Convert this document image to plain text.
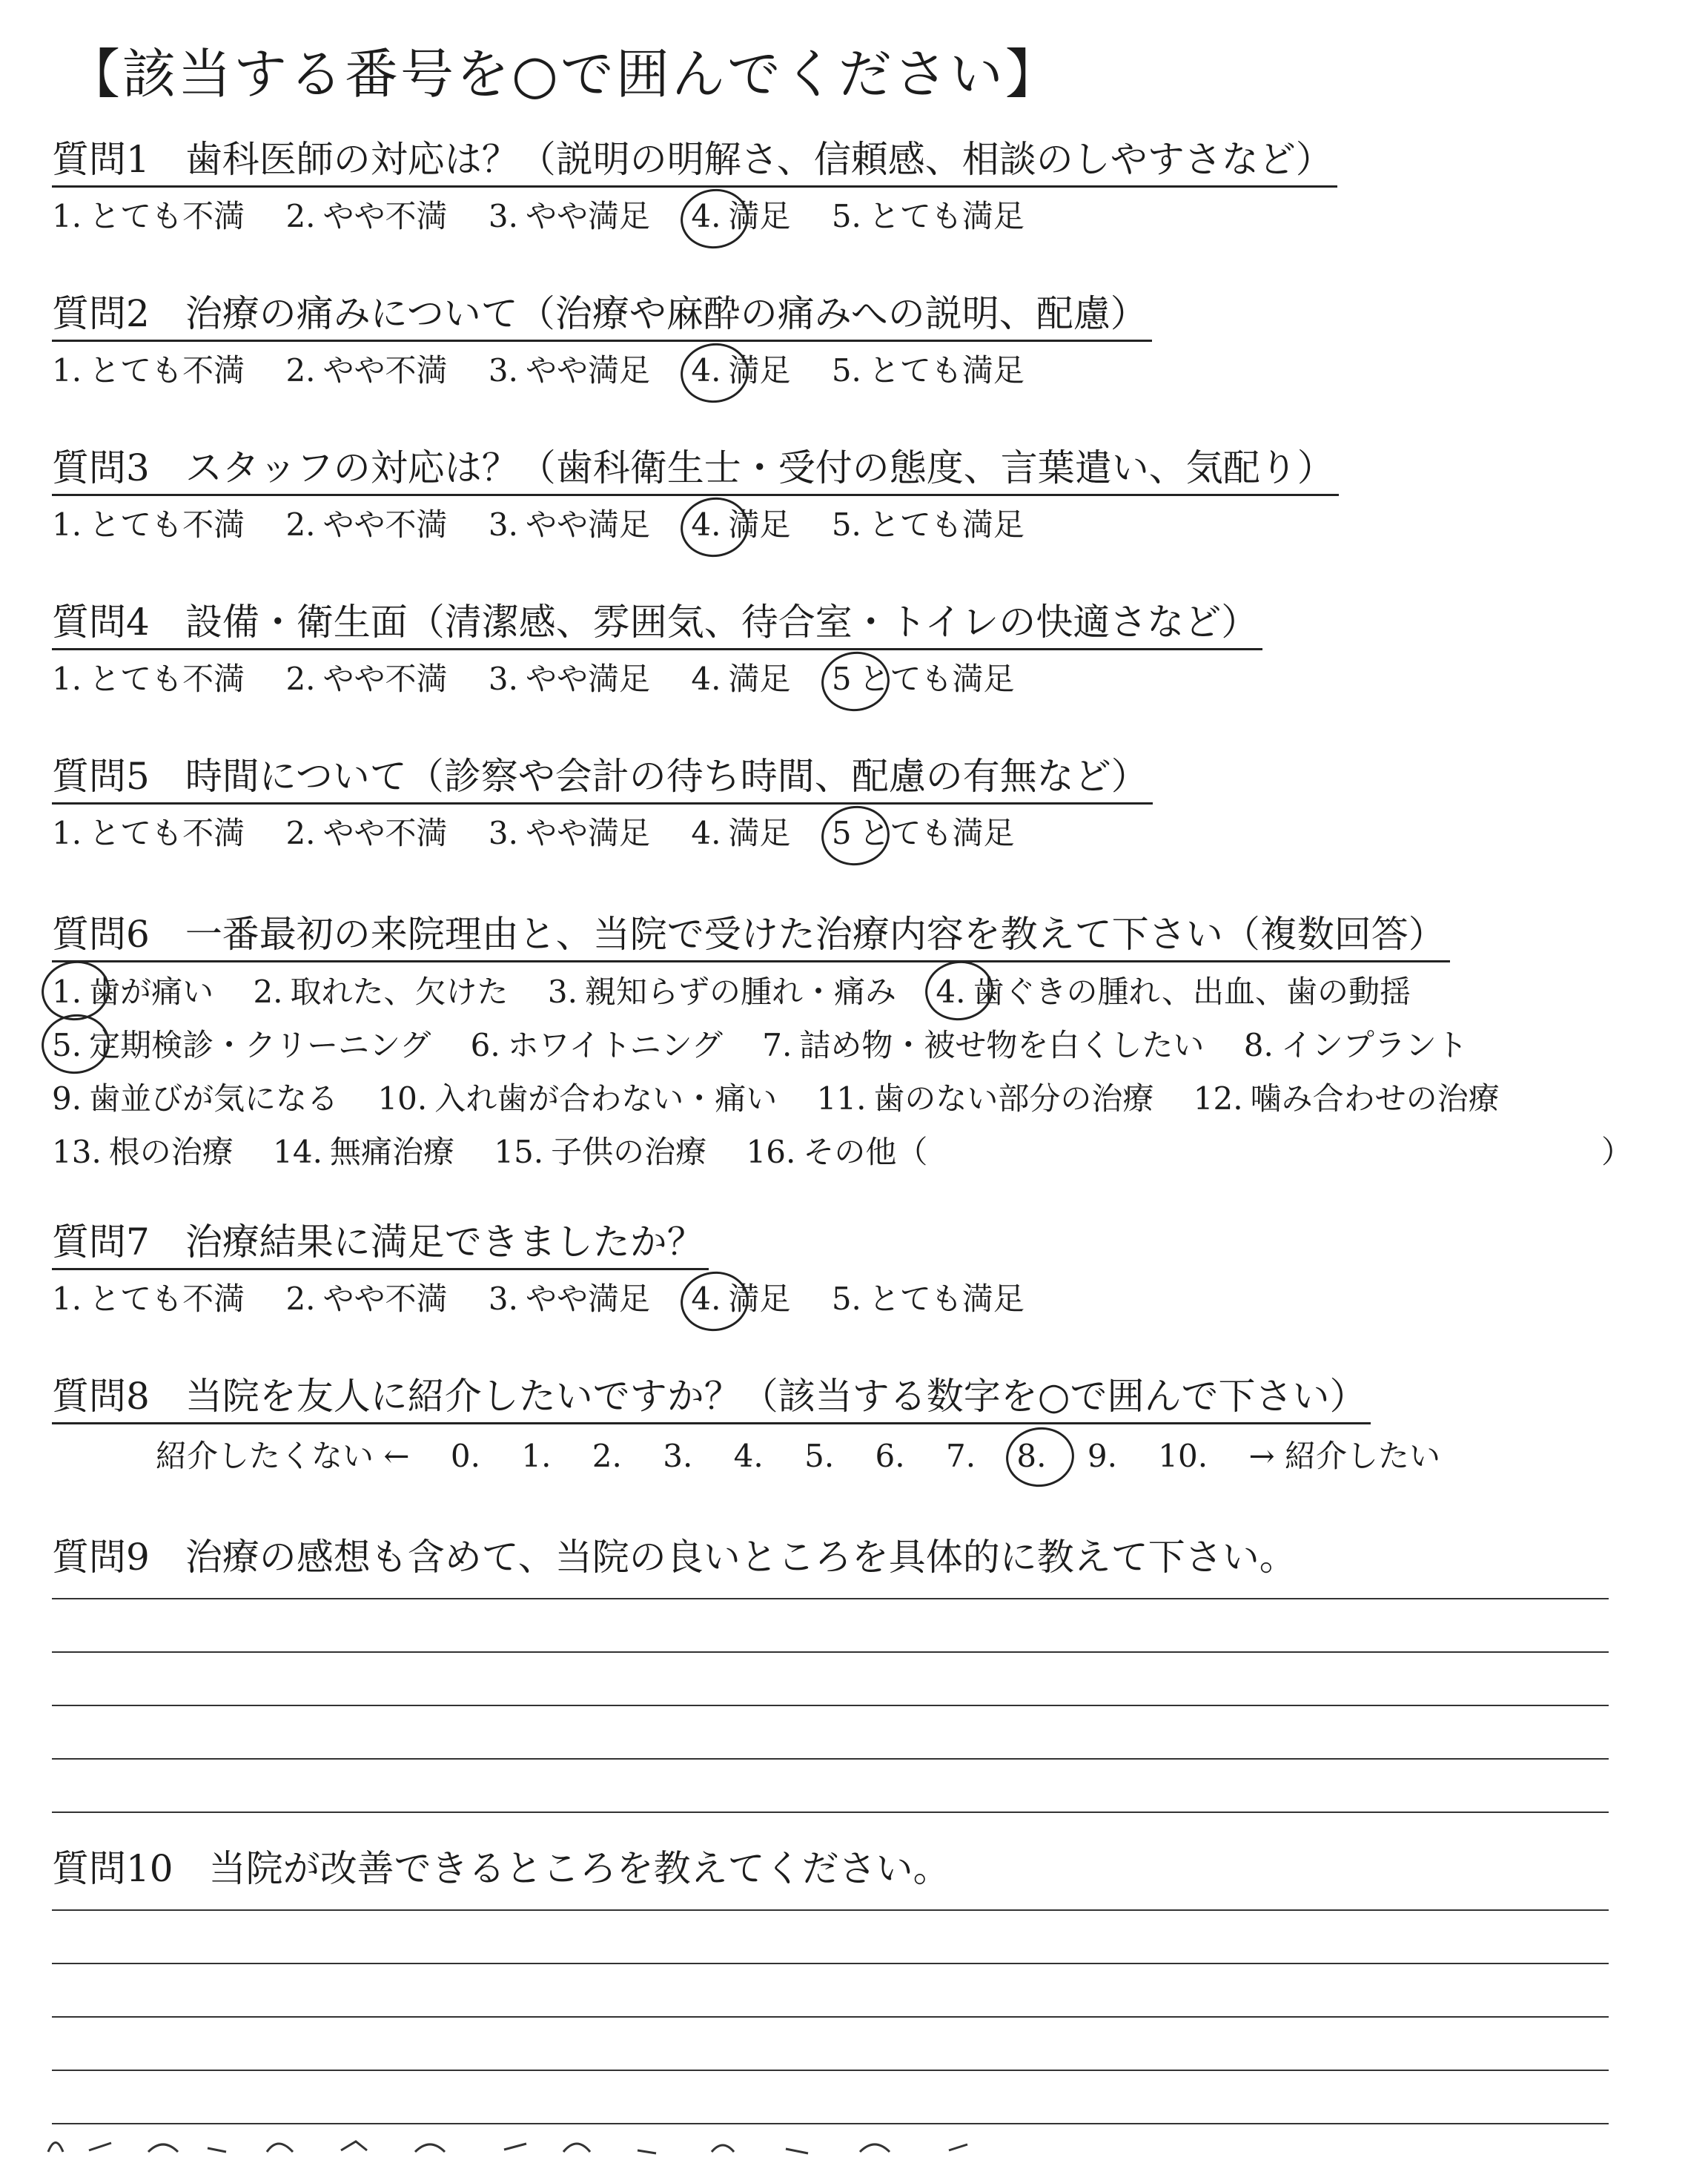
【該当する番号を○で囲んでください】
質問1 歯科医師の対応は？（説明の明解さ、信頼感、相談のしやすさなど）
1. とても不満 2. やや不満 3. やや満足 4. 満足 5. とても満足
質問2 治療の痛みについて（治療や麻酔の痛みへの説明、配慮）
1. とても不満 2. やや不満 3. やや満足 4. 満足 5. とても満足
質問3 スタッフの対応は？（歯科衛生士・受付の態度、言葉遣い、気配り）
1. とても不満 2. やや不満 3. やや満足 4. 満足 5. とても満足
質問4 設備・衛生面（清潔感、雰囲気、待合室・トイレの快適さなど）
1. とても不満 2. やや不満 3. やや満足 4. 満足 5 とても満足
質問5 時間について（診察や会計の待ち時間、配慮の有無など）
1. とても不満 2. やや不満 3. やや満足 4. 満足 5 とても満足
質問6 一番最初の来院理由と、当院で受けた治療内容を教えて下さい（複数回答）
1. 歯が痛い 2. 取れた、欠けた 3. 親知らずの腫れ・痛み 4. 歯ぐきの腫れ、出血、歯の動揺
5. 定期検診・クリーニング 6. ホワイトニング 7. 詰め物・被せ物を白くしたい 8. インプラント
9. 歯並びが気になる 10. 入れ歯が合わない・痛い 11. 歯のない部分の治療 12. 噛み合わせの治療
13. 根の治療 14. 無痛治療 15. 子供の治療 16. その他（	）
質問7 治療結果に満足できましたか？
1. とても不満 2. やや不満 3. やや満足 4. 満足 5. とても満足
質問8 当院を友人に紹介したいですか？（該当する数字を○で囲んで下さい）
紹介したくない ← 0. 1. 2. 3. 4. 5. 6. 7. 8. 9. 10. → 紹介したい
質問9 治療の感想も含めて、当院の良いところを具体的に教えて下さい。
質問10 当院が改善できるところを教えてください。
